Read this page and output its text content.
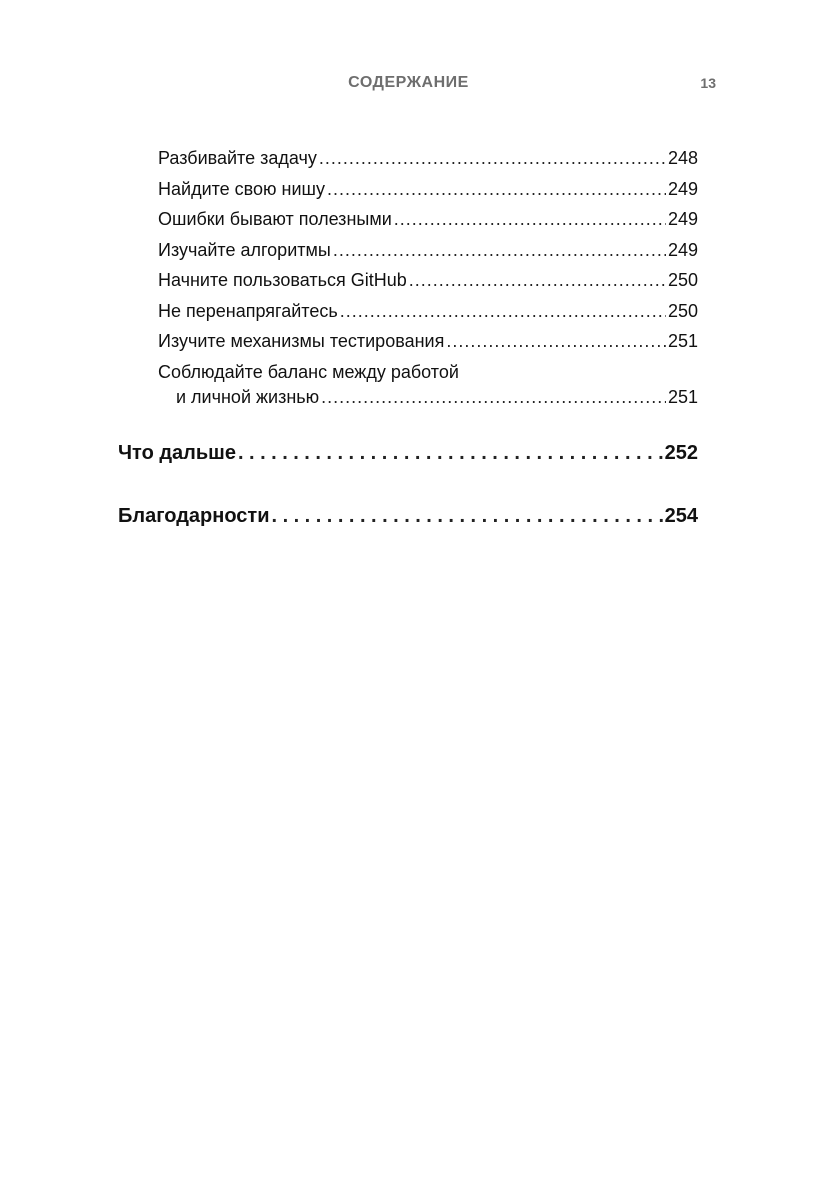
СОДЕРЖАНИЕ	13
Разбивайте задачу .....	248
Найдите свою нишу .....	249
Ошибки бывают полезными .....	249
Изучайте алгоритмы .....	249
Начните пользоваться GitHub .....	250
Не перенапрягайтесь .....	250
Изучите механизмы тестирования .....	251
Соблюдайте баланс между работой
и личной жизнью .....	251
Что дальше .....	252
Благодарности .....	254
